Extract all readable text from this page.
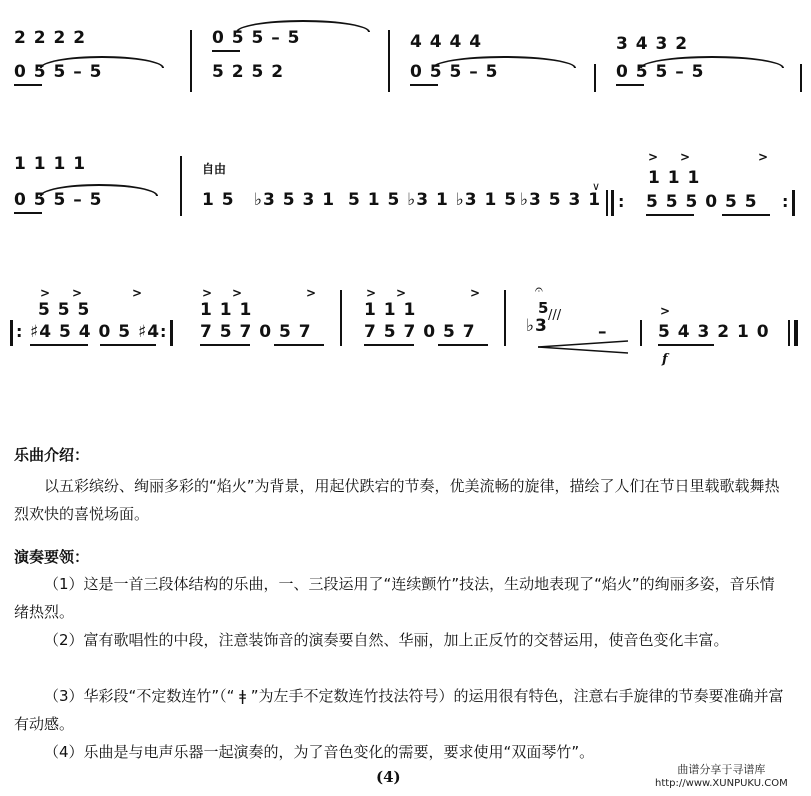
2 2 2 2
0 5 5 – 5
0 5 5 – 5
5 2 5 2
4 4 4 4
0 5 5 – 5
3 4 3 2
0 5 5 – 5
1 1 1 1
0 5 5 – 5
自由
1 5 ♭3 5 3 1 5 1 5 ♭3 1 ♭3 1 5 ♭3 5 3 1
∨
:
> >	>
1 1 1
5 5 5 0 5 5 :
:
> >	>
5 5 5
♯4 5 4 0 5 ♯4 :
> >	>
1 1 1
7 5 7 0 5 7
> >	>
1 1 1
7 5 7 0 5 7
𝄐
5
♭3
///
–
>
5 4 3 2 1 0
f
乐曲介绍：
以五彩缤纷、绚丽多彩的“焰火”为背景，用起伏跌宕的节奏，优美流畅的旋律，描绘了人们在节日里载歌载舞热烈欢快的喜悦场面。
演奏要领：
（1）这是一首三段体结构的乐曲，一、三段运用了“连续颤竹”技法，生动地表现了“焰火”的绚丽多姿，音乐情绪热烈。
（2）富有歌唱性的中段，注意装饰音的演奏要自然、华丽，加上正反竹的交替运用，使音色变化丰富。
（3）华彩段“不定数连竹”（“ ǂ ”为左手不定数连竹技法符号）的运用很有特色，注意右手旋律的节奏要准确并富有动感。
（4）乐曲是与电声乐器一起演奏的，为了音色变化的需要，要求使用“双面琴竹”。
(4)	曲谱分享于寻谱库
http://www.XUNPUKU.COM
